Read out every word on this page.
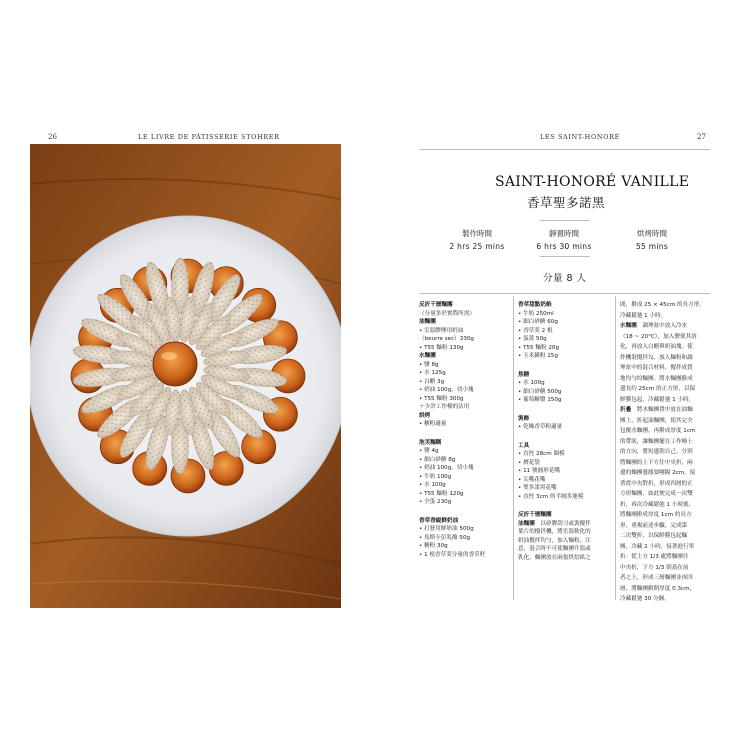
26	LE LIVRE DE PÂTISSERIE STOHRER	LES SAINT-HONORÉ	27
SAINT-HONORÉ VANILLE
香草聖多諾黑
製作時間
2 hrs 25 mins
靜置時間
6 hrs 30 mins
烘烤時間
55 mins
分量 8 人
反折千層麵團
（分量多於實際所需）
油麵團
• 室溫膠傳用奶油
（beurre sec）330g
• T55 麵粉 130g
水麵團
• 鹽 8g
• 水 125g
• 白醋 3g
• 奶油 100g，切小塊
• T55 麵粉 300g
＋少許工作檯的沾用
烘烤
• 糖粉適量
泡芙麵糊
• 鹽 4g
• 細白砂糖 8g
• 奶油 100g，切小塊
• 牛奶 100g
• 水 100g
• T55 麵粉 120g
• 全蛋 230g
香草香緹鮮奶油
• 打發用鮮奶油 500g
• 馬斯卡彭乳酪 50g
• 糖粉 30g
• 1 根香草莢分量的香草籽
香草甜點奶餡
• 牛奶 250ml
• 細白砂糖 60g
• 香草莢 2 根
• 蛋黃 50g
• T55 麵粉 20g
• 玉米澱粉 15g
焦糖
• 水 100g
• 細白砂糖 500g
• 葡萄糖漿 150g
裝飾
• 乾燥香草粉適量
工具
• 直徑 28cm 圈模
• 擠花袋
• 11 號圓形花嘴
• 尖嘴花嘴
• 聖多諾黑花嘴
• 直徑 3cm 的半圓多連模
反折千層麵團
油麵團　以矽膠刮刀或裝攪拌
葉片的攪拌機，將室溫軟化的
奶油攪拌均勻，加入麵粉，注
意，混合時不可使麵團升溫或
乳化。麵團放在兩張烘焙紙之
間，擀成 25 × 45cm 的長方形，
冷藏鬆弛 1 小時。
水麵團　調理盆中放入冷水
（18 ~ 20°C），加入鹽使其溶
化，再放入白醋與奶油塊。使
拌機裝攪拌勾，放入麵粉和調
理盆中的混合材料，攪拌成質
地均勻的麵團。將水麵團擀成
邊長約 25cm 的正方形，以保
鮮膜包起，冷藏鬆弛 1 小時。
折疊　將水麵團置中放在油麵
團上，折起油麵團，使其完全
包覆水麵團，再擀成厚度 1cm
的帶狀，讓麵團擺在工作檯上
的方向，將短邊朝自己，分別
將麵團的上下方往中央折，兩
邊的麵團邊緣要剛隔 2cm，接
著從中央對折，形成四層的正
方形麵團，如此便完成一次雙
折，再次冷藏鬆弛 1 小時後，
將麵團擀成厚度 1cm 的長方
形，重複前述步驟，完成第
二次雙折，以保鮮膜包起麵
團，冷藏 2 小時，接著進行單
折：從上方 1/3 處將麵團往
中央折，下方 1/3 則蓋在前
者之上，形成三層麵團並再四
層，將麵團擀開厚度 0.3cm，
冷藏鬆弛 30 分鐘。
